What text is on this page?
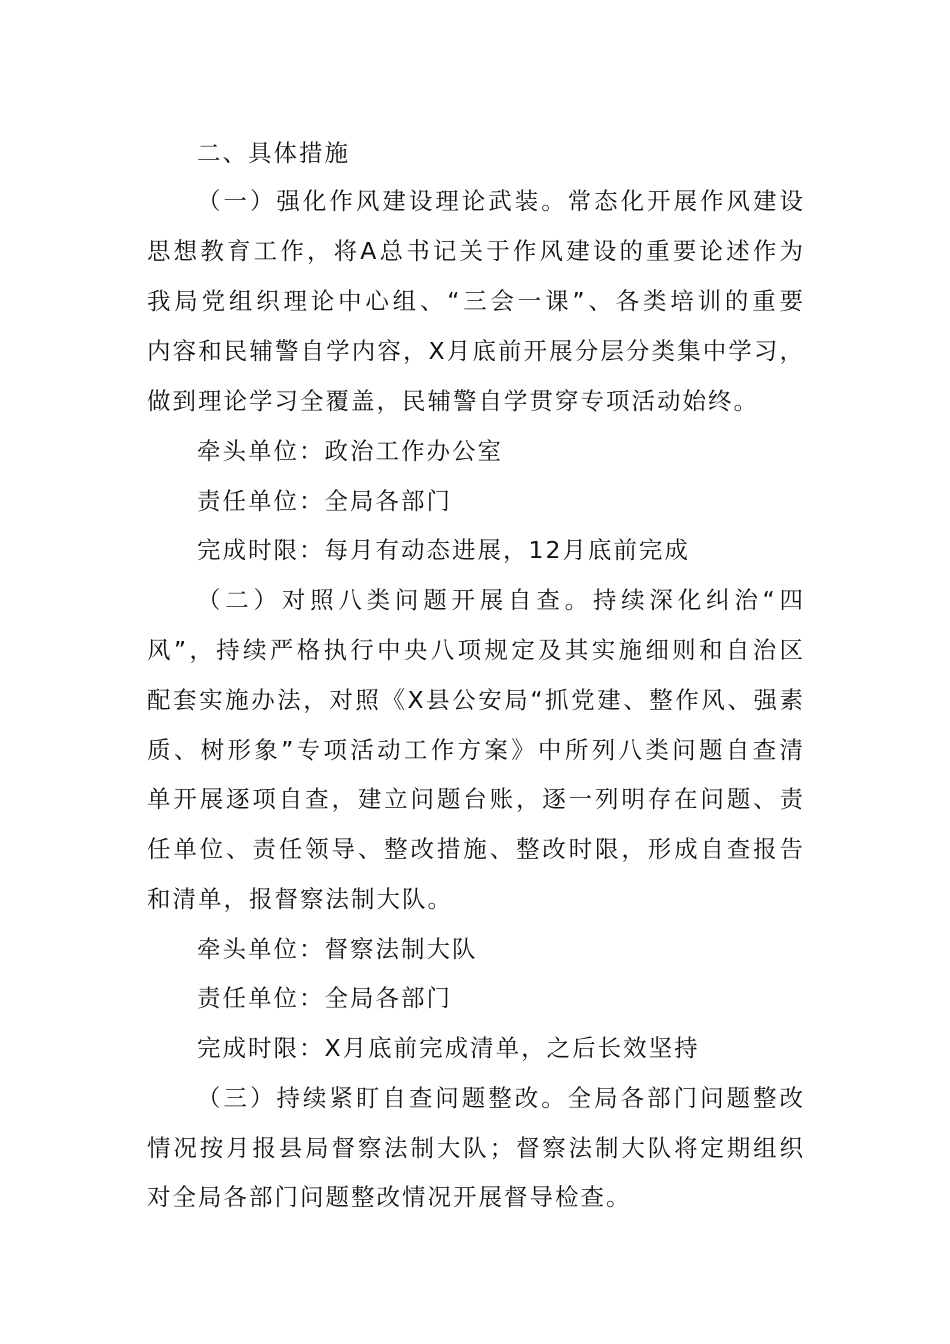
二、具体措施
（一）强化作风建设理论武装。常态化开展作风建设
思想教育工作，将A总书记关于作风建设的重要论述作为
我局党组织理论中心组、“三会一课”、各类培训的重要
内容和民辅警自学内容，X月底前开展分层分类集中学习，
做到理论学习全覆盖，民辅警自学贯穿专项活动始终。
牵头单位：政治工作办公室
责任单位：全局各部门
完成时限：每月有动态进展，12月底前完成
（二）对照八类问题开展自查。持续深化纠治“四
风”，持续严格执行中央八项规定及其实施细则和自治区
配套实施办法，对照《X县公安局“抓党建、整作风、强素
质、树形象”专项活动工作方案》中所列八类问题自查清
单开展逐项自查，建立问题台账，逐一列明存在问题、责
任单位、责任领导、整改措施、整改时限，形成自查报告
和清单，报督察法制大队。
牵头单位：督察法制大队
责任单位：全局各部门
完成时限：X月底前完成清单，之后长效坚持
（三）持续紧盯自查问题整改。全局各部门问题整改
情况按月报县局督察法制大队；督察法制大队将定期组织
对全局各部门问题整改情况开展督导检查。
